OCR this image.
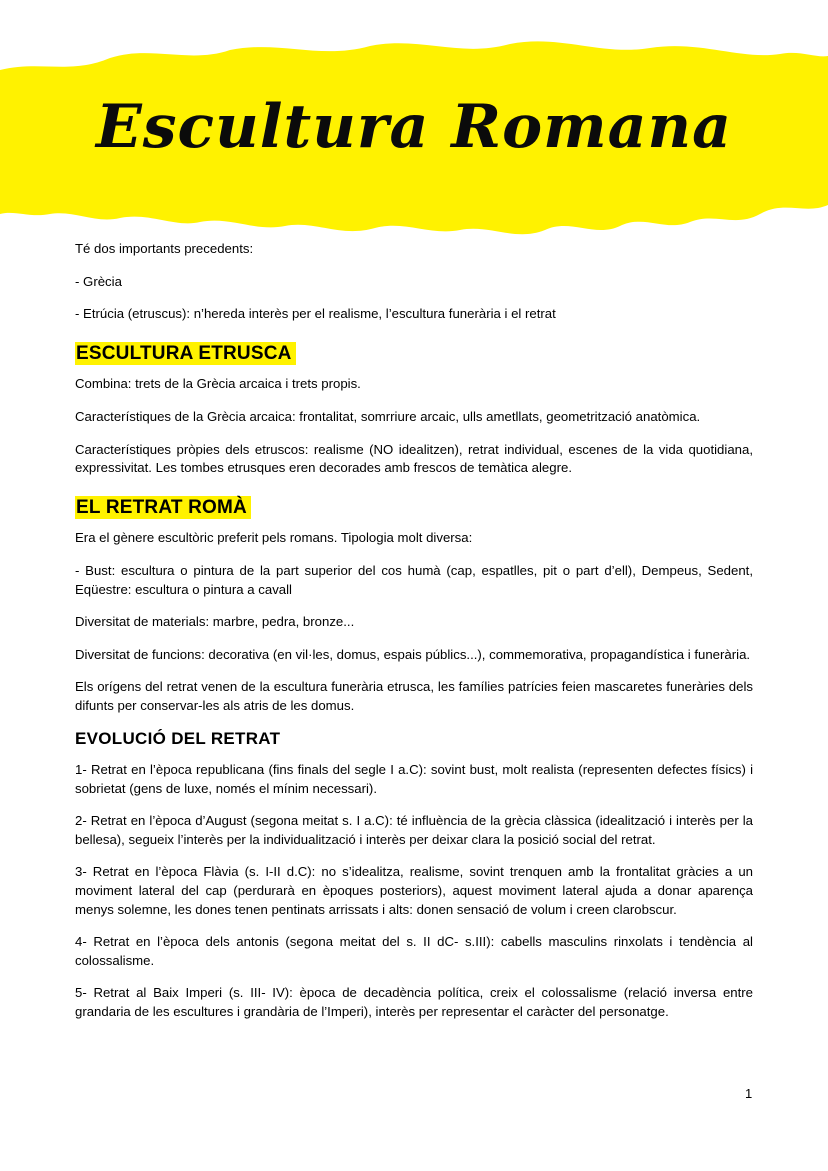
Escultura Romana

Té dos importants precedents:

- Grècia

- Etrúcia (etruscus): n’hereda interès per el realisme, l’escultura funerària i el retrat

ESCULTURA ETRUSCA

Combina: trets de la Grècia arcaica i trets propis.

Característiques de la Grècia arcaica: frontalitat, somrriure arcaic, ulls ametllats, geometrització anatòmica.

Característiques pròpies dels etruscos: realisme (NO idealitzen), retrat individual, escenes de la vida quotidiana, expressivitat. Les tombes etrusques eren decorades amb frescos de temàtica alegre.

EL RETRAT ROMÀ

Era el gènere escultòric preferit pels romans. Tipologia molt diversa:

- Bust: escultura o pintura de la part superior del cos humà (cap, espatlles, pit o part d’ell), Dempeus, Sedent, Eqüestre: escultura o pintura a cavall

Diversitat de materials: marbre, pedra, bronze...

Diversitat de funcions: decorativa (en vil·les, domus, espais públics...), commemorativa, propagandística i funerària.

Els orígens del retrat venen de la escultura funerària etrusca, les famílies patrícies feien mascaretes funeràries dels difunts per conservar-les als atris de les domus.

EVOLUCIÓ DEL RETRAT

1- Retrat en l’època republicana (fins finals del segle I a.C): sovint bust, molt realista (representen defectes físics) i sobrietat (gens de luxe, només el mínim necessari).

2- Retrat en l’època d’August (segona meitat s. I a.C): té influència de la grècia clàssica (idealització i interès per la bellesa), segueix l’interès per la individualització i interès per deixar clara la posició social del retrat.

3- Retrat en l’època Flàvia (s. I-II d.C): no s’idealitza, realisme, sovint trenquen amb la frontalitat gràcies a un moviment lateral del cap (perdurarà en èpoques posteriors), aquest moviment lateral ajuda a donar aparença menys solemne, les dones tenen pentinats arrissats i alts: donen sensació de volum i creen clarobscur.

4- Retrat en l’època dels antonis (segona meitat del s. II dC- s.III): cabells masculins rinxolats i tendència al colossalisme.

5- Retrat al Baix Imperi (s. III- IV): època de decadència política, creix el colossalisme (relació inversa entre grandaria de les escultures i grandària de l’Imperi), interès per representar el caràcter del personatge.

1
